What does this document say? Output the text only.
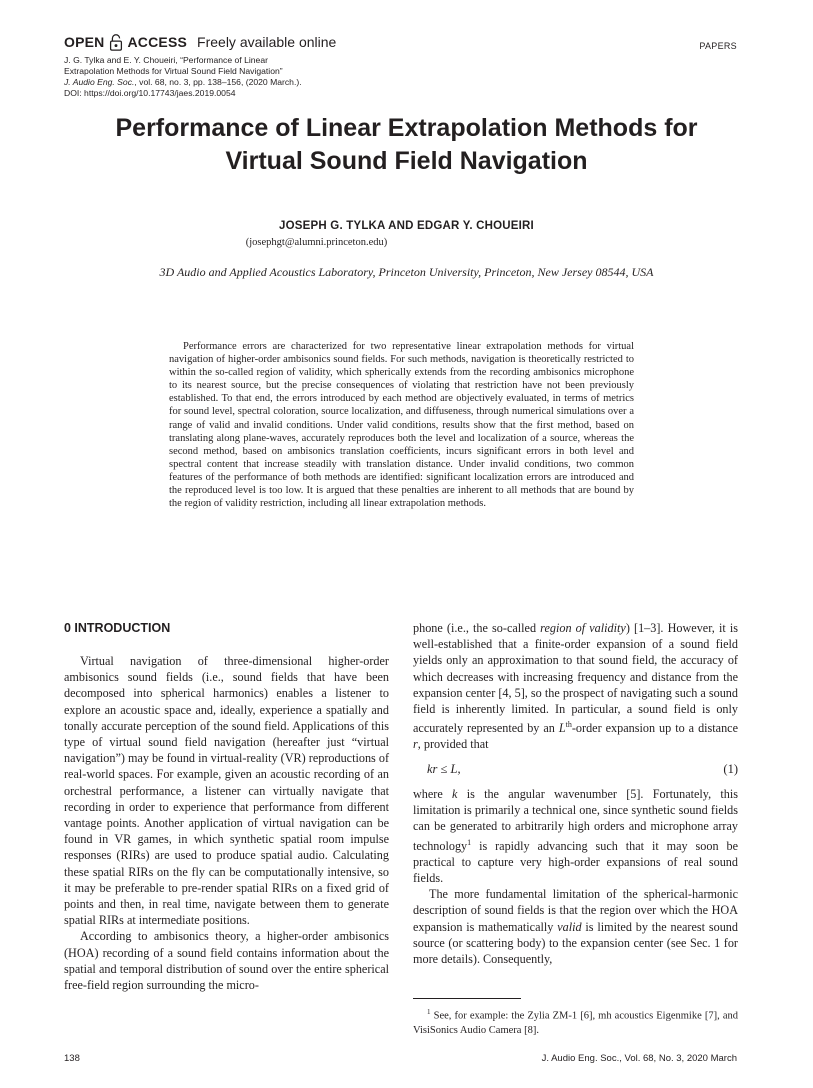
OPEN ACCESS Freely available online
J. G. Tylka and E. Y. Choueiri, “Performance of Linear
Extrapolation Methods for Virtual Sound Field Navigation”
J. Audio Eng. Soc., vol. 68, no. 3, pp. 138–156, (2020 March.).
DOI: https://doi.org/10.17743/jaes.2019.0054
PAPERS
Performance of Linear Extrapolation Methods for
Virtual Sound Field Navigation
JOSEPH G. TYLKA AND EDGAR Y. CHOUEIRI
(josephgt@alumni.princeton.edu)
3D Audio and Applied Acoustics Laboratory, Princeton University, Princeton, New Jersey 08544, USA
Performance errors are characterized for two representative linear extrapolation methods for virtual navigation of higher-order ambisonics sound fields. For such methods, navigation is theoretically restricted to within the so-called region of validity, which spherically extends from the recording ambisonics microphone to its nearest source, but the precise consequences of violating that restriction have not been previously established. To that end, the errors introduced by each method are objectively evaluated, in terms of metrics for sound level, spectral coloration, source localization, and diffuseness, through numerical simulations over a range of valid and invalid conditions. Under valid conditions, results show that the first method, based on translating along plane-waves, accurately reproduces both the level and localization of a source, whereas the second method, based on ambisonics translation coefficients, incurs significant errors in both level and spectral content that increase steadily with translation distance. Under invalid conditions, two common features of the performance of both methods are identified: significant localization errors are introduced and the reproduced level is too low. It is argued that these penalties are inherent to all methods that are bound by the region of validity restriction, including all linear extrapolation methods.
0 INTRODUCTION

Virtual navigation of three-dimensional higher-order ambisonics sound fields (i.e., sound fields that have been decomposed into spherical harmonics) enables a listener to explore an acoustic space and, ideally, experience a spatially and tonally accurate perception of the sound field. Applications of this type of virtual sound field navigation (hereafter just “virtual navigation”) may be found in virtual-reality (VR) reproductions of real-world spaces. For example, given an acoustic recording of an orchestral performance, a listener can virtually navigate that recording in order to experience that performance from different vantage points. Another application of virtual navigation can be found in VR games, in which synthetic spatial room impulse responses (RIRs) are used to produce spatial audio. Calculating these spatial RIRs on the fly can be computationally intensive, so it may be preferable to pre-render spatial RIRs on a fixed grid of points and then, in real time, navigate between them to generate spatial RIRs at intermediate positions.

According to ambisonics theory, a higher-order ambisonics (HOA) recording of a sound field contains information about the spatial and temporal distribution of sound over the entire spherical free-field region surrounding the micro-

phone (i.e., the so-called region of validity) [1–3]. However, it is well-established that a finite-order expansion of a sound field yields only an approximation to that sound field, the accuracy of which decreases with increasing frequency and distance from the expansion center [4, 5], so the prospect of navigating such a sound field is inherently limited. In particular, a sound field is only accurately represented by an Lth-order expansion up to a distance r, provided that

kr ≤ L,	(1)

where k is the angular wavenumber [5]. Fortunately, this limitation is primarily a technical one, since synthetic sound fields can be generated to arbitrarily high orders and microphone array technology$^1$ is rapidly advancing such that it may soon be practical to capture very high-order expansions of real sound fields.

The more fundamental limitation of the spherical-harmonic description of sound fields is that the region over which the HOA expansion is mathematically valid is limited by the nearest sound source (or scattering body) to the expansion center (see Sec. 1 for more details). Consequently,

$^1$ See, for example: the Zylia ZM-1 [6], mh acoustics Eigenmike [7], and VisiSonics Audio Camera [8].
138	J. Audio Eng. Soc., Vol. 68, No. 3, 2020 March
